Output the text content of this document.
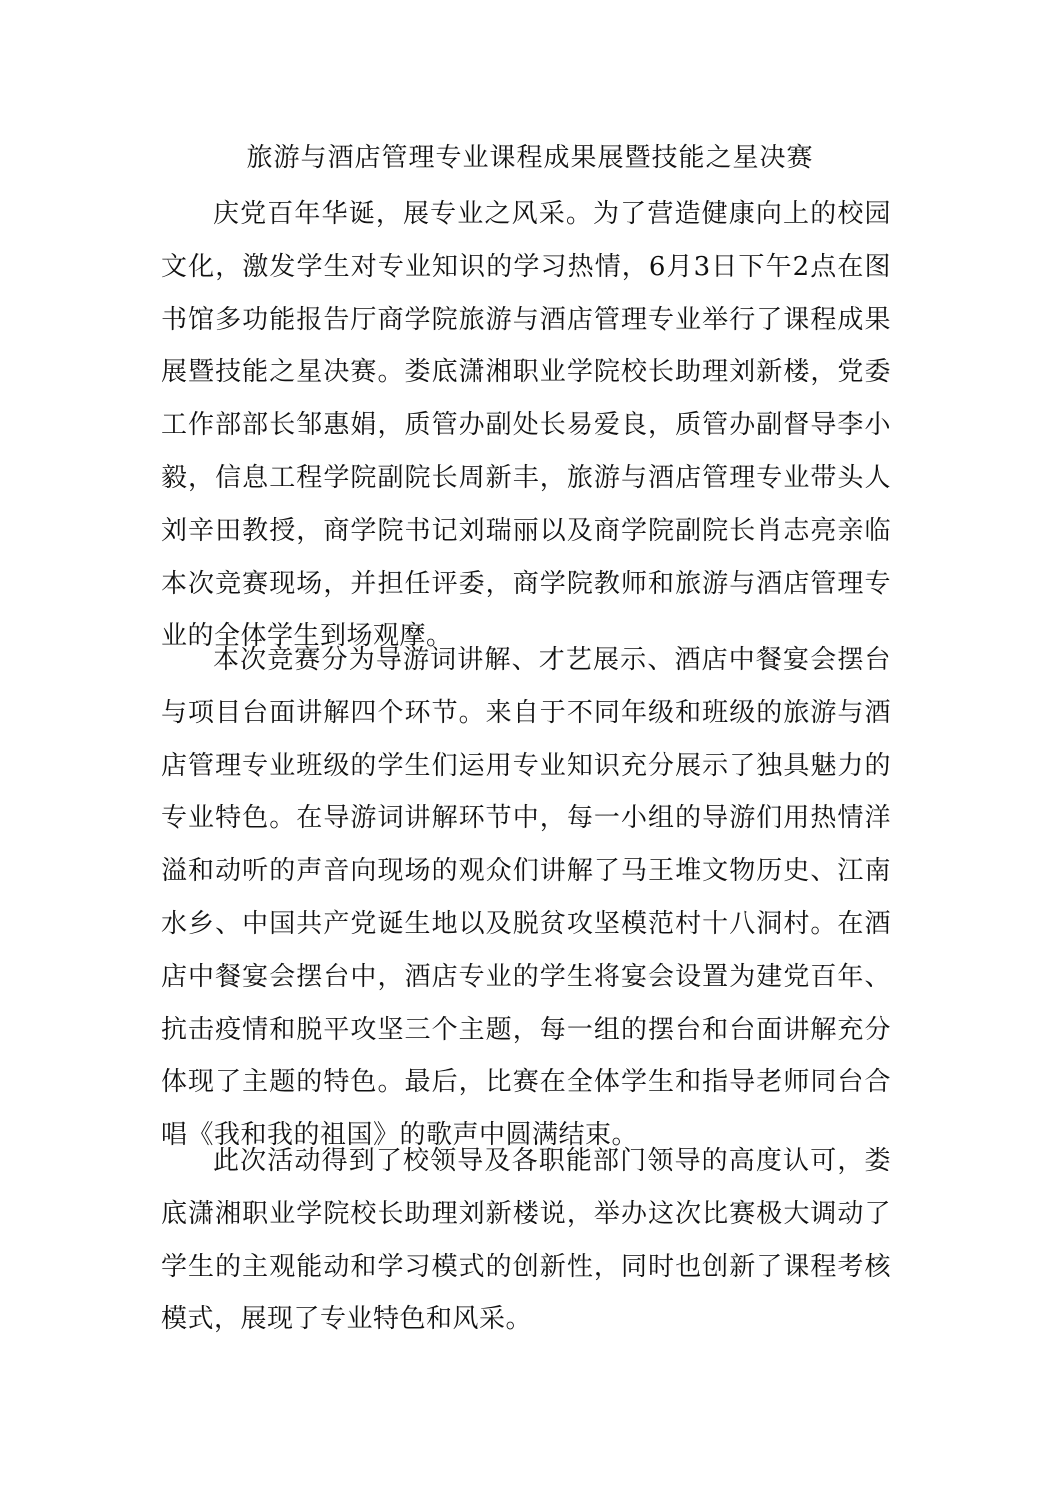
旅游与酒店管理专业课程成果展暨技能之星决赛

庆党百年华诞，展专业之风采。为了营造健康向上的校园文化，激发学生对专业知识的学习热情，6月3日下午2点在图书馆多功能报告厅商学院旅游与酒店管理专业举行了课程成果展暨技能之星决赛。娄底潇湘职业学院校长助理刘新楼，党委工作部部长邹惠娟，质管办副处长易爱良，质管办副督导李小毅，信息工程学院副院长周新丰，旅游与酒店管理专业带头人刘辛田教授，商学院书记刘瑞丽以及商学院副院长肖志亮亲临本次竞赛现场，并担任评委，商学院教师和旅游与酒店管理专业的全体学生到场观摩。

本次竞赛分为导游词讲解、才艺展示、酒店中餐宴会摆台与项目台面讲解四个环节。来自于不同年级和班级的旅游与酒店管理专业班级的学生们运用专业知识充分展示了独具魅力的专业特色。在导游词讲解环节中，每一小组的导游们用热情洋溢和动听的声音向现场的观众们讲解了马王堆文物历史、江南水乡、中国共产党诞生地以及脱贫攻坚模范村十八洞村。在酒店中餐宴会摆台中，酒店专业的学生将宴会设置为建党百年、抗击疫情和脱平攻坚三个主题，每一组的摆台和台面讲解充分体现了主题的特色。最后，比赛在全体学生和指导老师同台合唱《我和我的祖国》的歌声中圆满结束。

此次活动得到了校领导及各职能部门领导的高度认可，娄底潇湘职业学院校长助理刘新楼说，举办这次比赛极大调动了学生的主观能动和学习模式的创新性，同时也创新了课程考核模式，展现了专业特色和风采。
